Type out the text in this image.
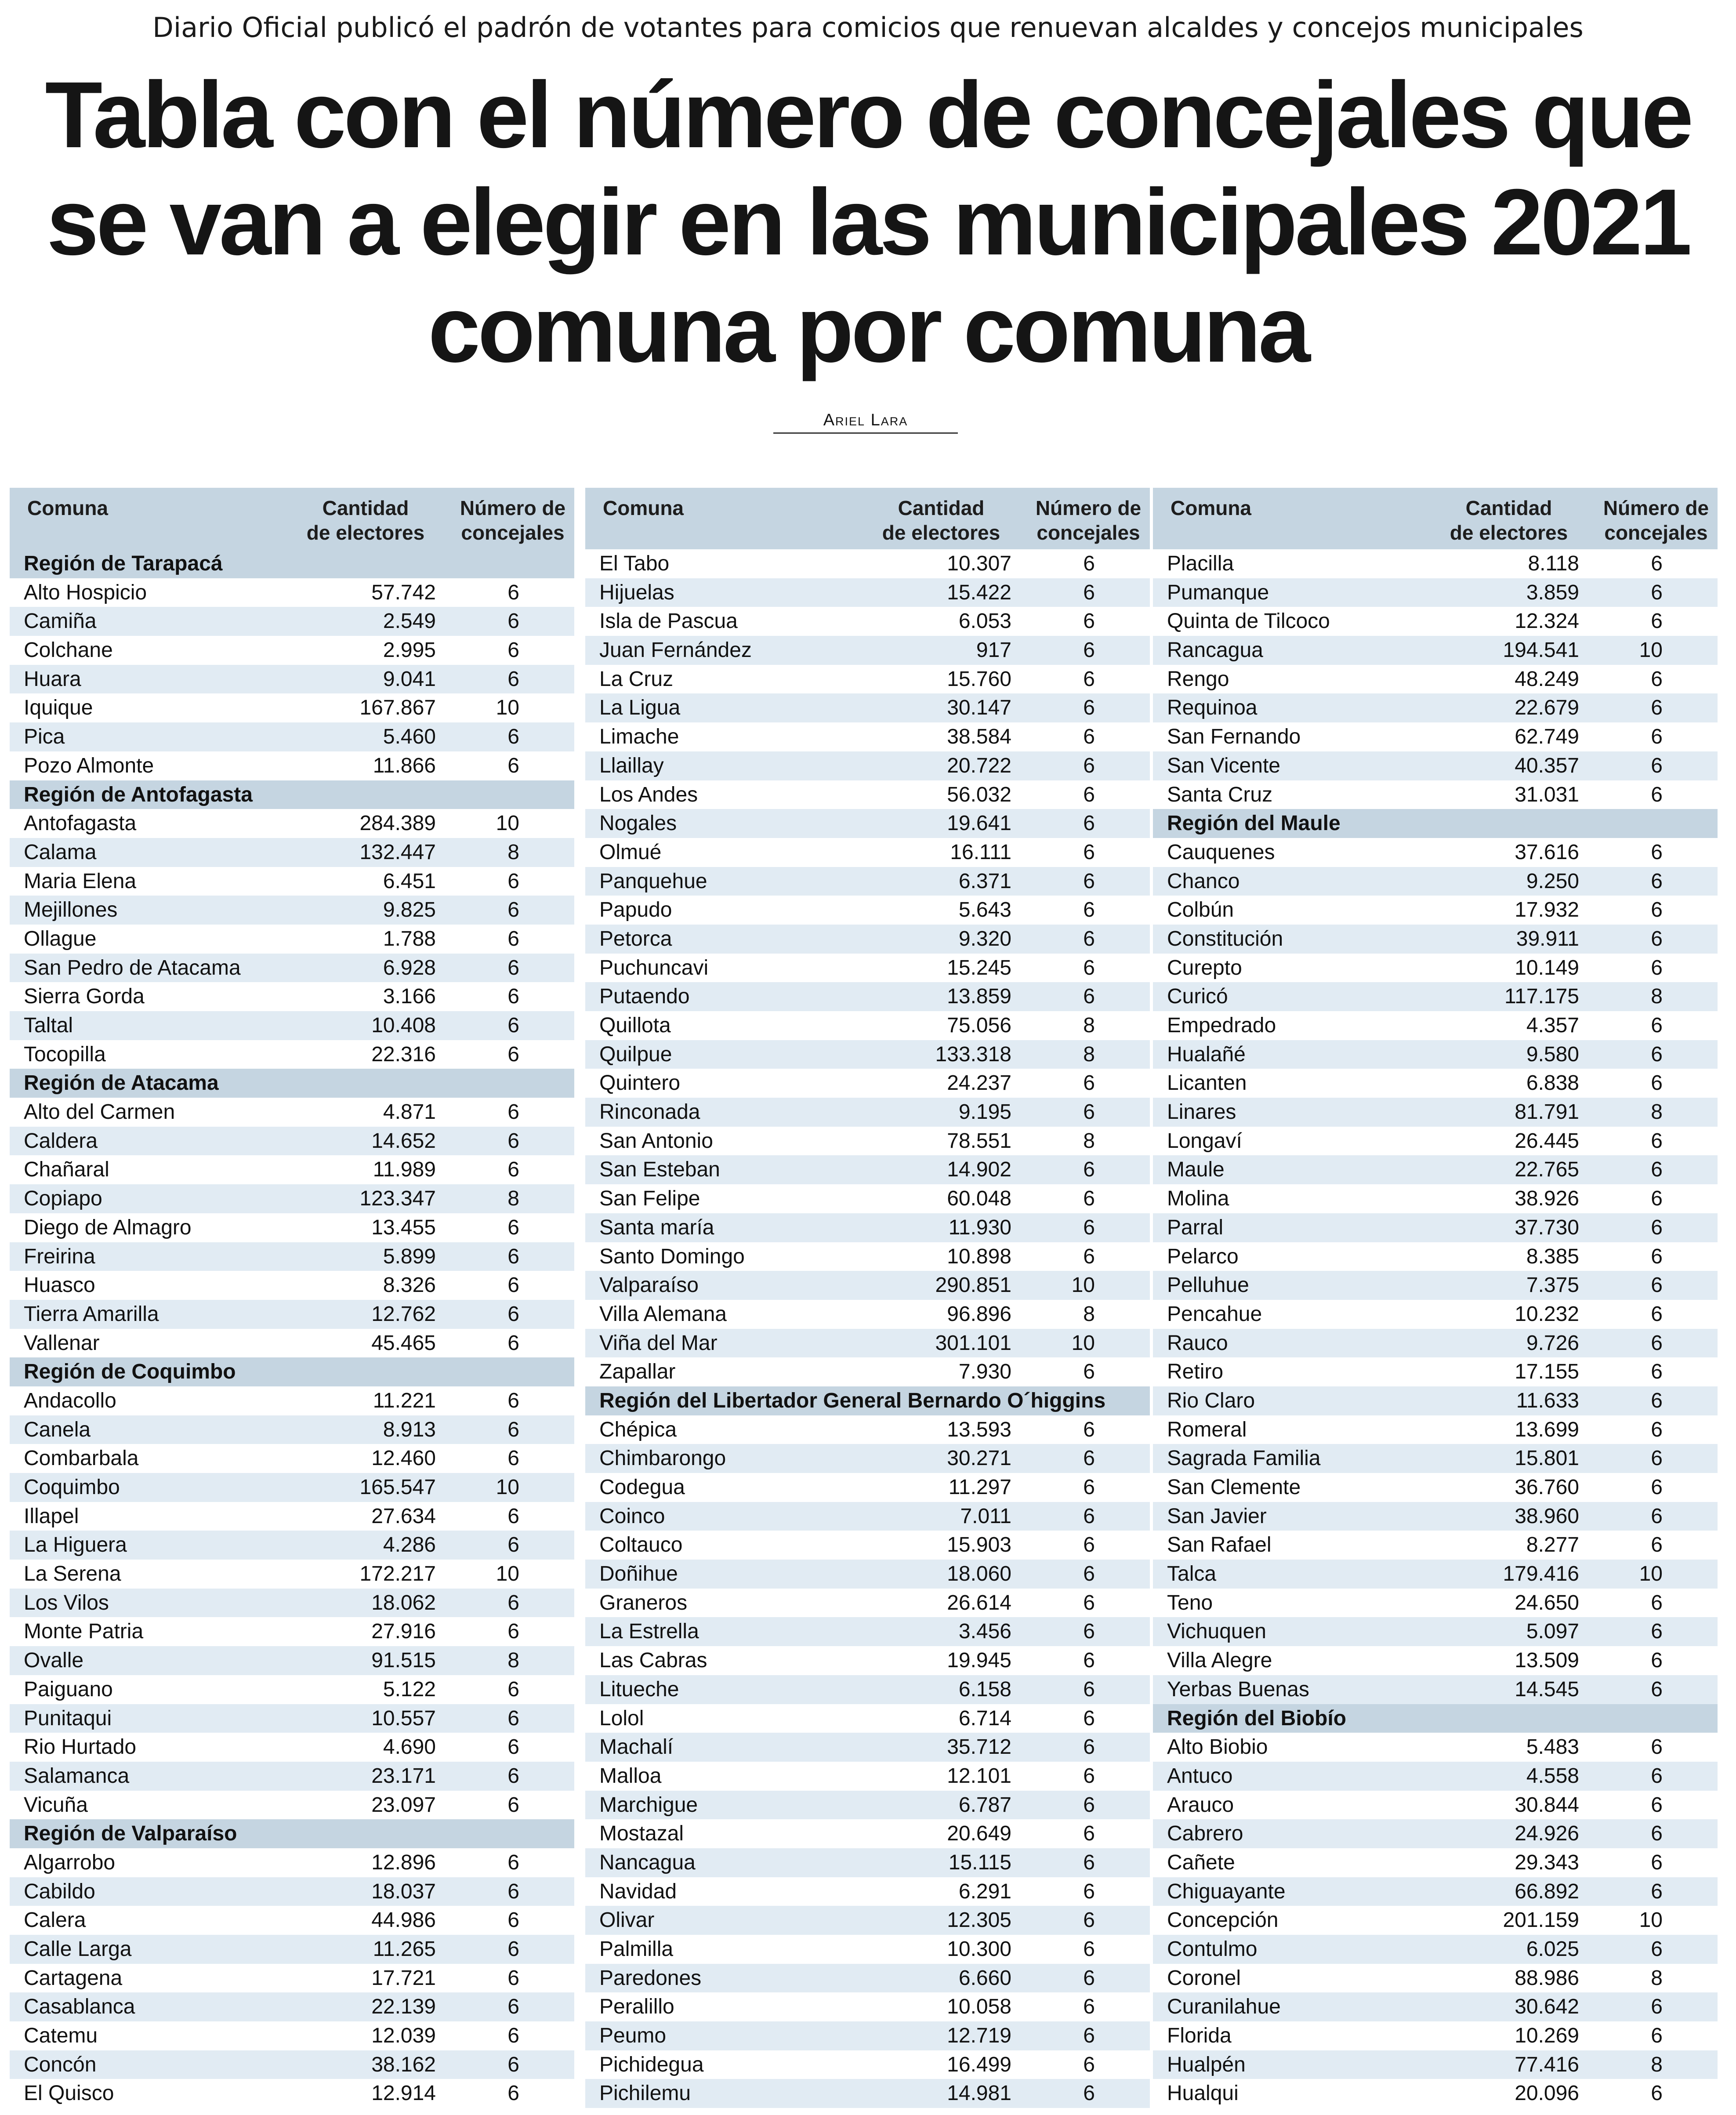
Diario Oficial publicó el padrón de votantes para comicios que renuevan alcaldes y concejos municipales
Tabla con el número de concejales que
se van a elegir en las municipales 2021
comuna por comuna
Ariel Lara
Comuna	Cantidad
de electores
Número de
concejales
Región de Tarapacá
Alto Hospicio	57.742	6
Camiña	2.549	6
Colchane	2.995	6
Huara	9.041	6
Iquique	167.867	10
Pica	5.460	6
Pozo Almonte	11.866	6
Región de Antofagasta
Antofagasta	284.389	10
Calama	132.447	8
Maria Elena	6.451	6
Mejillones	9.825	6
Ollague	1.788	6
San Pedro de Atacama	6.928	6
Sierra Gorda	3.166	6
Taltal	10.408	6
Tocopilla	22.316	6
Región de Atacama
Alto del Carmen	4.871	6
Caldera	14.652	6
Chañaral	11.989	6
Copiapo	123.347	8
Diego de Almagro	13.455	6
Freirina	5.899	6
Huasco	8.326	6
Tierra Amarilla	12.762	6
Vallenar	45.465	6
Región de Coquimbo
Andacollo	11.221	6
Canela	8.913	6
Combarbala	12.460	6
Coquimbo	165.547	10
Illapel	27.634	6
La Higuera	4.286	6
La Serena	172.217	10
Los Vilos	18.062	6
Monte Patria	27.916	6
Ovalle	91.515	8
Paiguano	5.122	6
Punitaqui	10.557	6
Rio Hurtado	4.690	6
Salamanca	23.171	6
Vicuña	23.097	6
Región de Valparaíso
Algarrobo	12.896	6
Cabildo	18.037	6
Calera	44.986	6
Calle Larga	11.265	6
Cartagena	17.721	6
Casablanca	22.139	6
Catemu	12.039	6
Concón	38.162	6
El Quisco	12.914	6
Comuna	Cantidad
de electores
Número de
concejales
El Tabo	10.307	6
Hijuelas	15.422	6
Isla de Pascua	6.053	6
Juan Fernández	917	6
La Cruz	15.760	6
La Ligua	30.147	6
Limache	38.584	6
Llaillay	20.722	6
Los Andes	56.032	6
Nogales	19.641	6
Olmué	16.111	6
Panquehue	6.371	6
Papudo	5.643	6
Petorca	9.320	6
Puchuncavi	15.245	6
Putaendo	13.859	6
Quillota	75.056	8
Quilpue	133.318	8
Quintero	24.237	6
Rinconada	9.195	6
San Antonio	78.551	8
San Esteban	14.902	6
San Felipe	60.048	6
Santa maría	11.930	6
Santo Domingo	10.898	6
Valparaíso	290.851	10
Villa Alemana	96.896	8
Viña del Mar	301.101	10
Zapallar	7.930	6
Región del Libertador General Bernardo O´higgins
Chépica	13.593	6
Chimbarongo	30.271	6
Codegua	11.297	6
Coinco	7.011	6
Coltauco	15.903	6
Doñihue	18.060	6
Graneros	26.614	6
La Estrella	3.456	6
Las Cabras	19.945	6
Litueche	6.158	6
Lolol	6.714	6
Machalí	35.712	6
Malloa	12.101	6
Marchigue	6.787	6
Mostazal	20.649	6
Nancagua	15.115	6
Navidad	6.291	6
Olivar	12.305	6
Palmilla	10.300	6
Paredones	6.660	6
Peralillo	10.058	6
Peumo	12.719	6
Pichidegua	16.499	6
Pichilemu	14.981	6
Comuna	Cantidad
de electores
Número de
concejales
Placilla	8.118	6
Pumanque	3.859	6
Quinta de Tilcoco	12.324	6
Rancagua	194.541	10
Rengo	48.249	6
Requinoa	22.679	6
San Fernando	62.749	6
San Vicente	40.357	6
Santa Cruz	31.031	6
Región del Maule
Cauquenes	37.616	6
Chanco	9.250	6
Colbún	17.932	6
Constitución	39.911	6
Curepto	10.149	6
Curicó	117.175	8
Empedrado	4.357	6
Hualañé	9.580	6
Licanten	6.838	6
Linares	81.791	8
Longaví	26.445	6
Maule	22.765	6
Molina	38.926	6
Parral	37.730	6
Pelarco	8.385	6
Pelluhue	7.375	6
Pencahue	10.232	6
Rauco	9.726	6
Retiro	17.155	6
Rio Claro	11.633	6
Romeral	13.699	6
Sagrada Familia	15.801	6
San Clemente	36.760	6
San Javier	38.960	6
San Rafael	8.277	6
Talca	179.416	10
Teno	24.650	6
Vichuquen	5.097	6
Villa Alegre	13.509	6
Yerbas Buenas	14.545	6
Región del Biobío
Alto Biobio	5.483	6
Antuco	4.558	6
Arauco	30.844	6
Cabrero	24.926	6
Cañete	29.343	6
Chiguayante	66.892	6
Concepción	201.159	10
Contulmo	6.025	6
Coronel	88.986	8
Curanilahue	30.642	6
Florida	10.269	6
Hualpén	77.416	8
Hualqui	20.096	6
